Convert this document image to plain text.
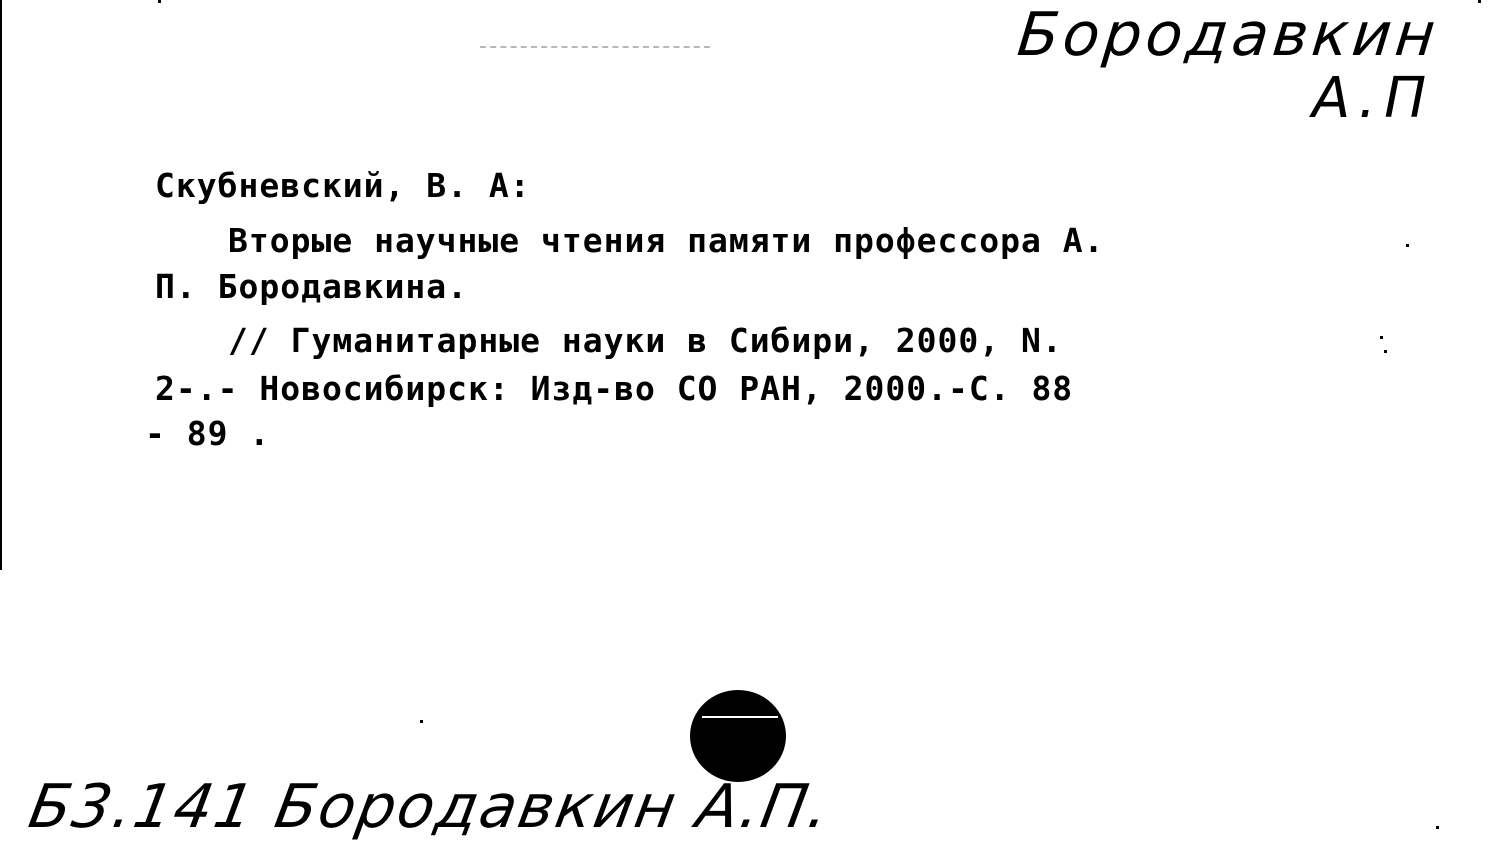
Бородавкин
А.П
Скубневский, В. А:
Вторые научные чтения памяти профессора А.
П. Бородавкина.
// Гуманитарные науки в Сибири, 2000, N.
2-.- Новосибирск: Изд-во СО РАН, 2000.-С. 88
- 89 .
Б3.141 Бородавкин А.П.
